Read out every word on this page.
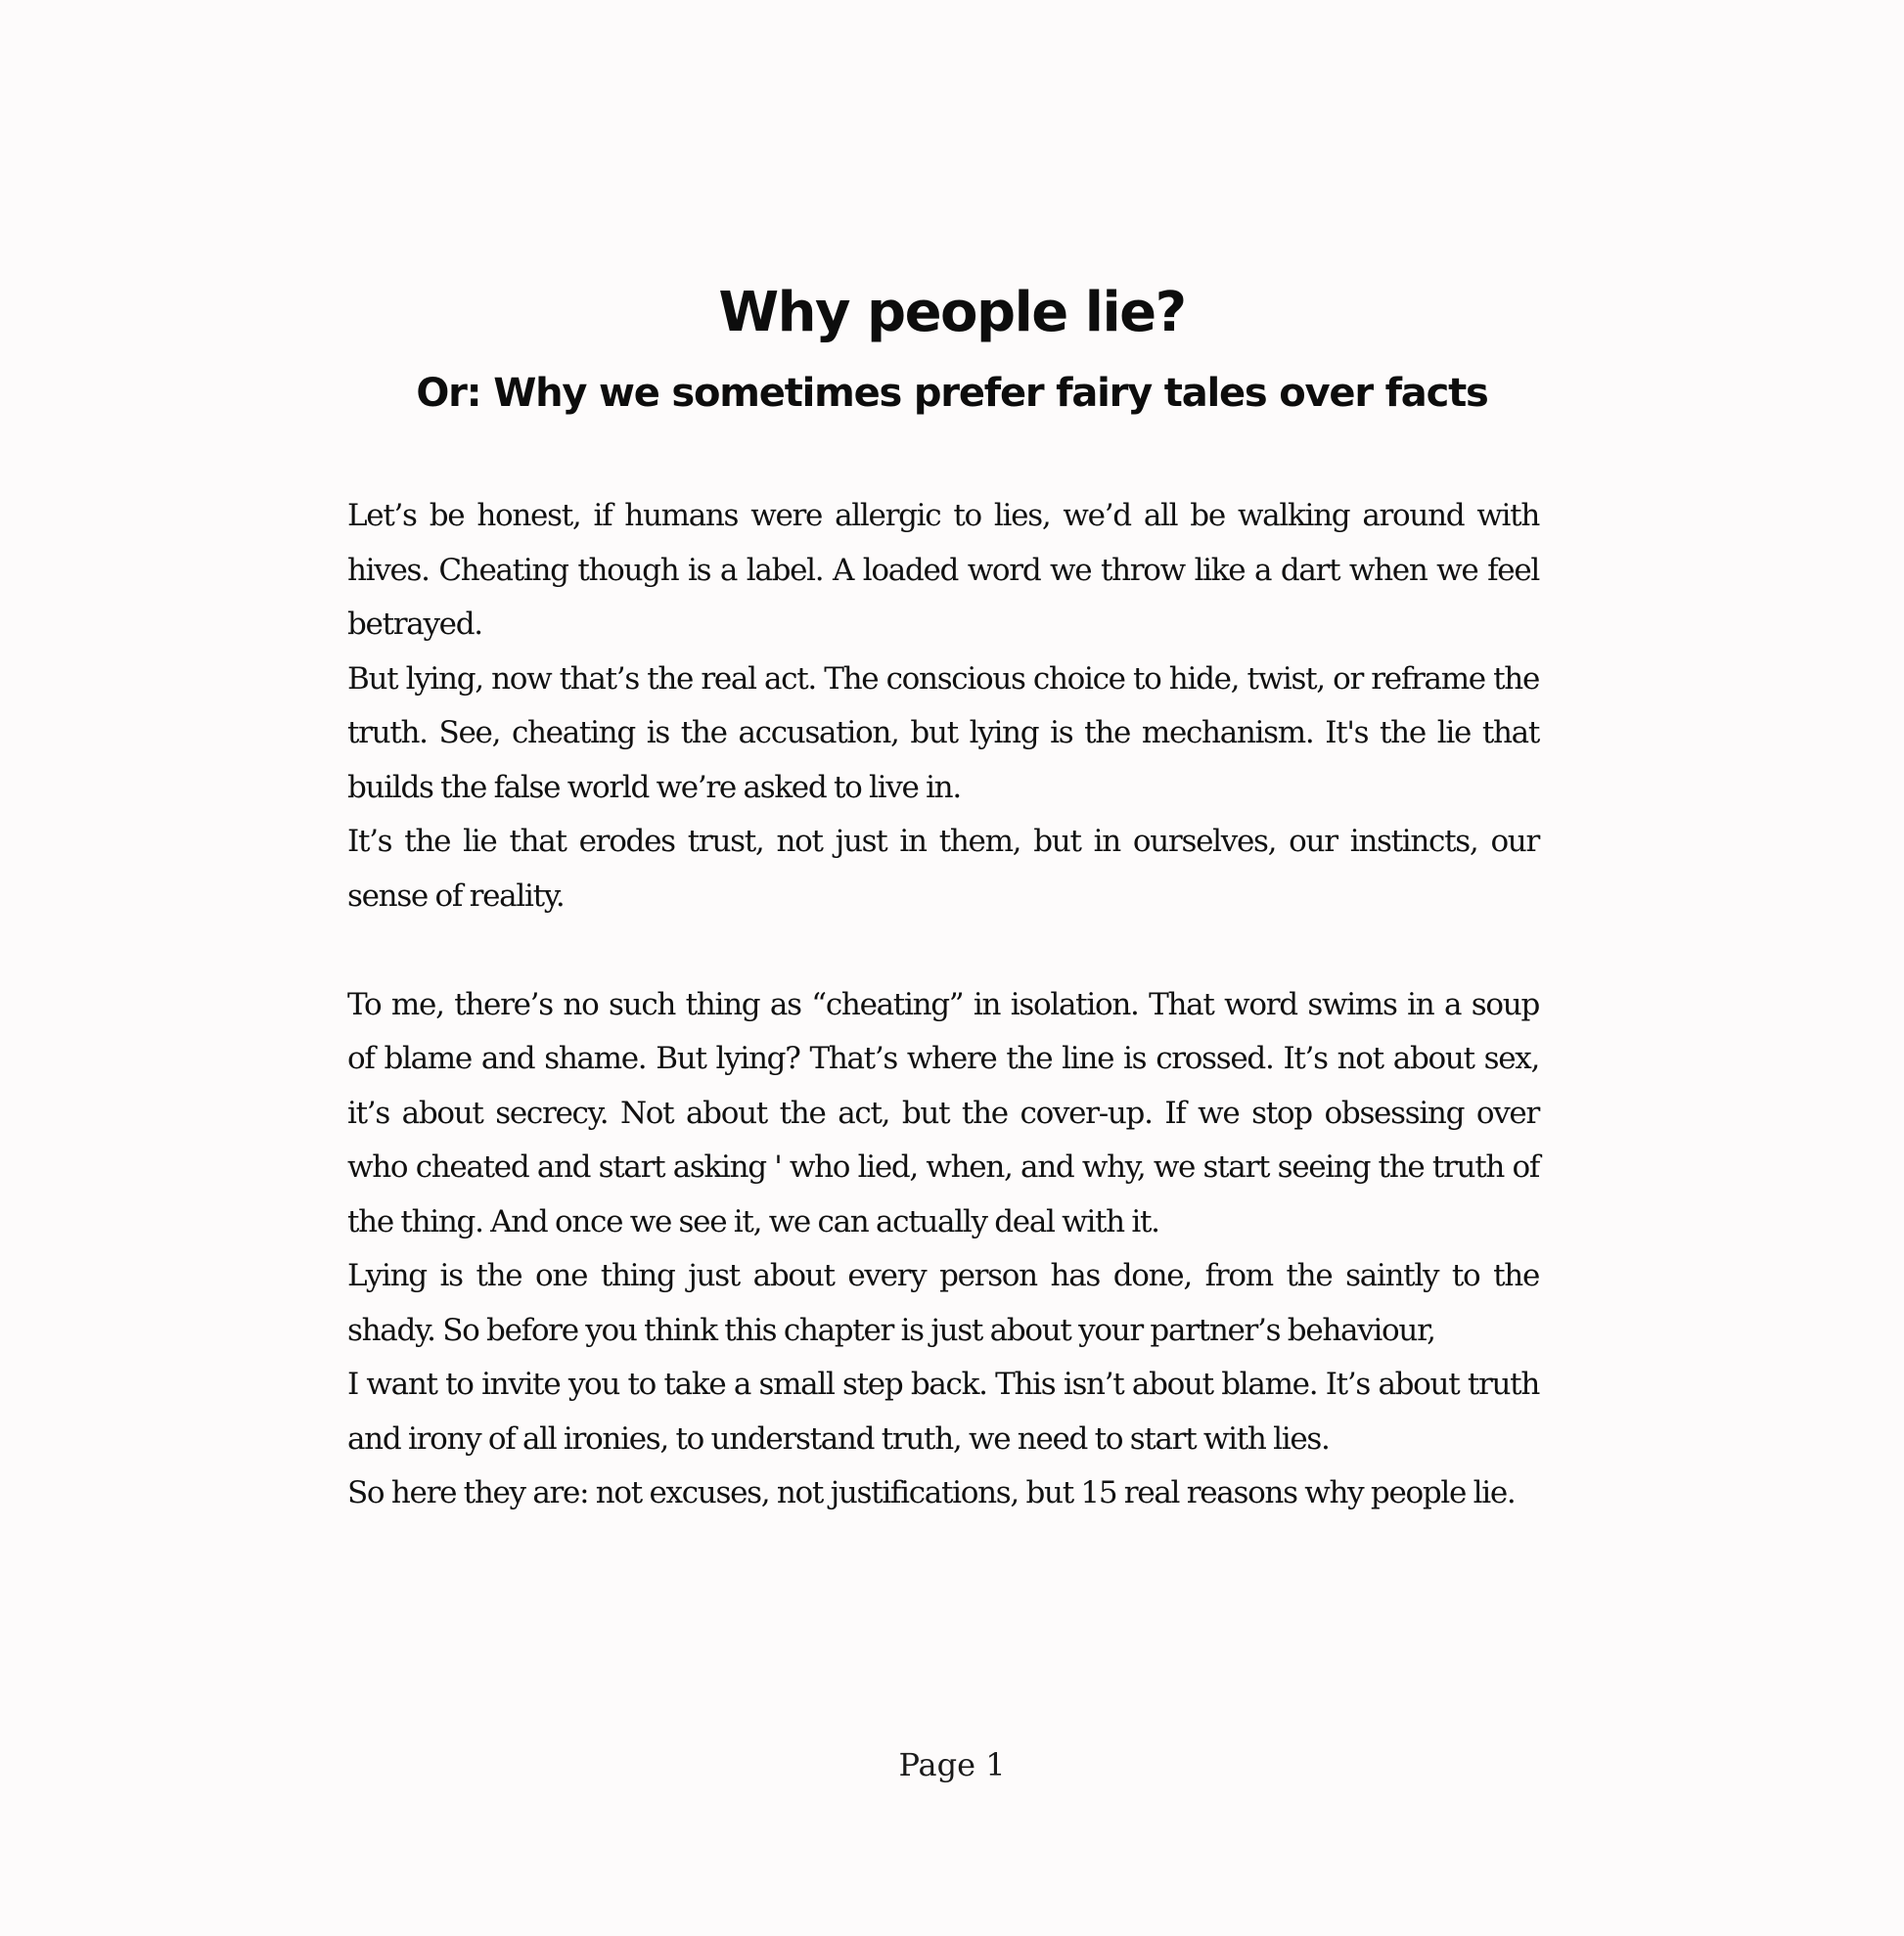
Why people lie?
Or: Why we sometimes prefer fairy tales over facts
Let’s be honest, if humans were allergic to lies, we’d all be walking around with
hives. Cheating though is a label. A loaded word we throw like a dart when we feel
betrayed.
But lying, now that’s the real act. The conscious choice to hide, twist, or reframe the
truth. See, cheating is the accusation, but lying is the mechanism. It's the lie that
builds the false world we’re asked to live in.
It’s the lie that erodes trust, not just in them, but in ourselves, our instincts, our
sense of reality.
To me, there’s no such thing as “cheating” in isolation. That word swims in a soup
of blame and shame. But lying? That’s where the line is crossed. It’s not about sex,
it’s about secrecy. Not about the act, but the cover-up. If we stop obsessing over
who cheated and start asking ' who lied, when, and why, we start seeing the truth of
the thing. And once we see it, we can actually deal with it.
Lying is the one thing just about every person has done, from the saintly to the
shady. So before you think this chapter is just about your partner’s behaviour,
I want to invite you to take a small step back. This isn’t about blame. It’s about truth
and irony of all ironies, to understand truth, we need to start with lies.
So here they are: not excuses, not justifications, but 15 real reasons why people lie.
Page 1
